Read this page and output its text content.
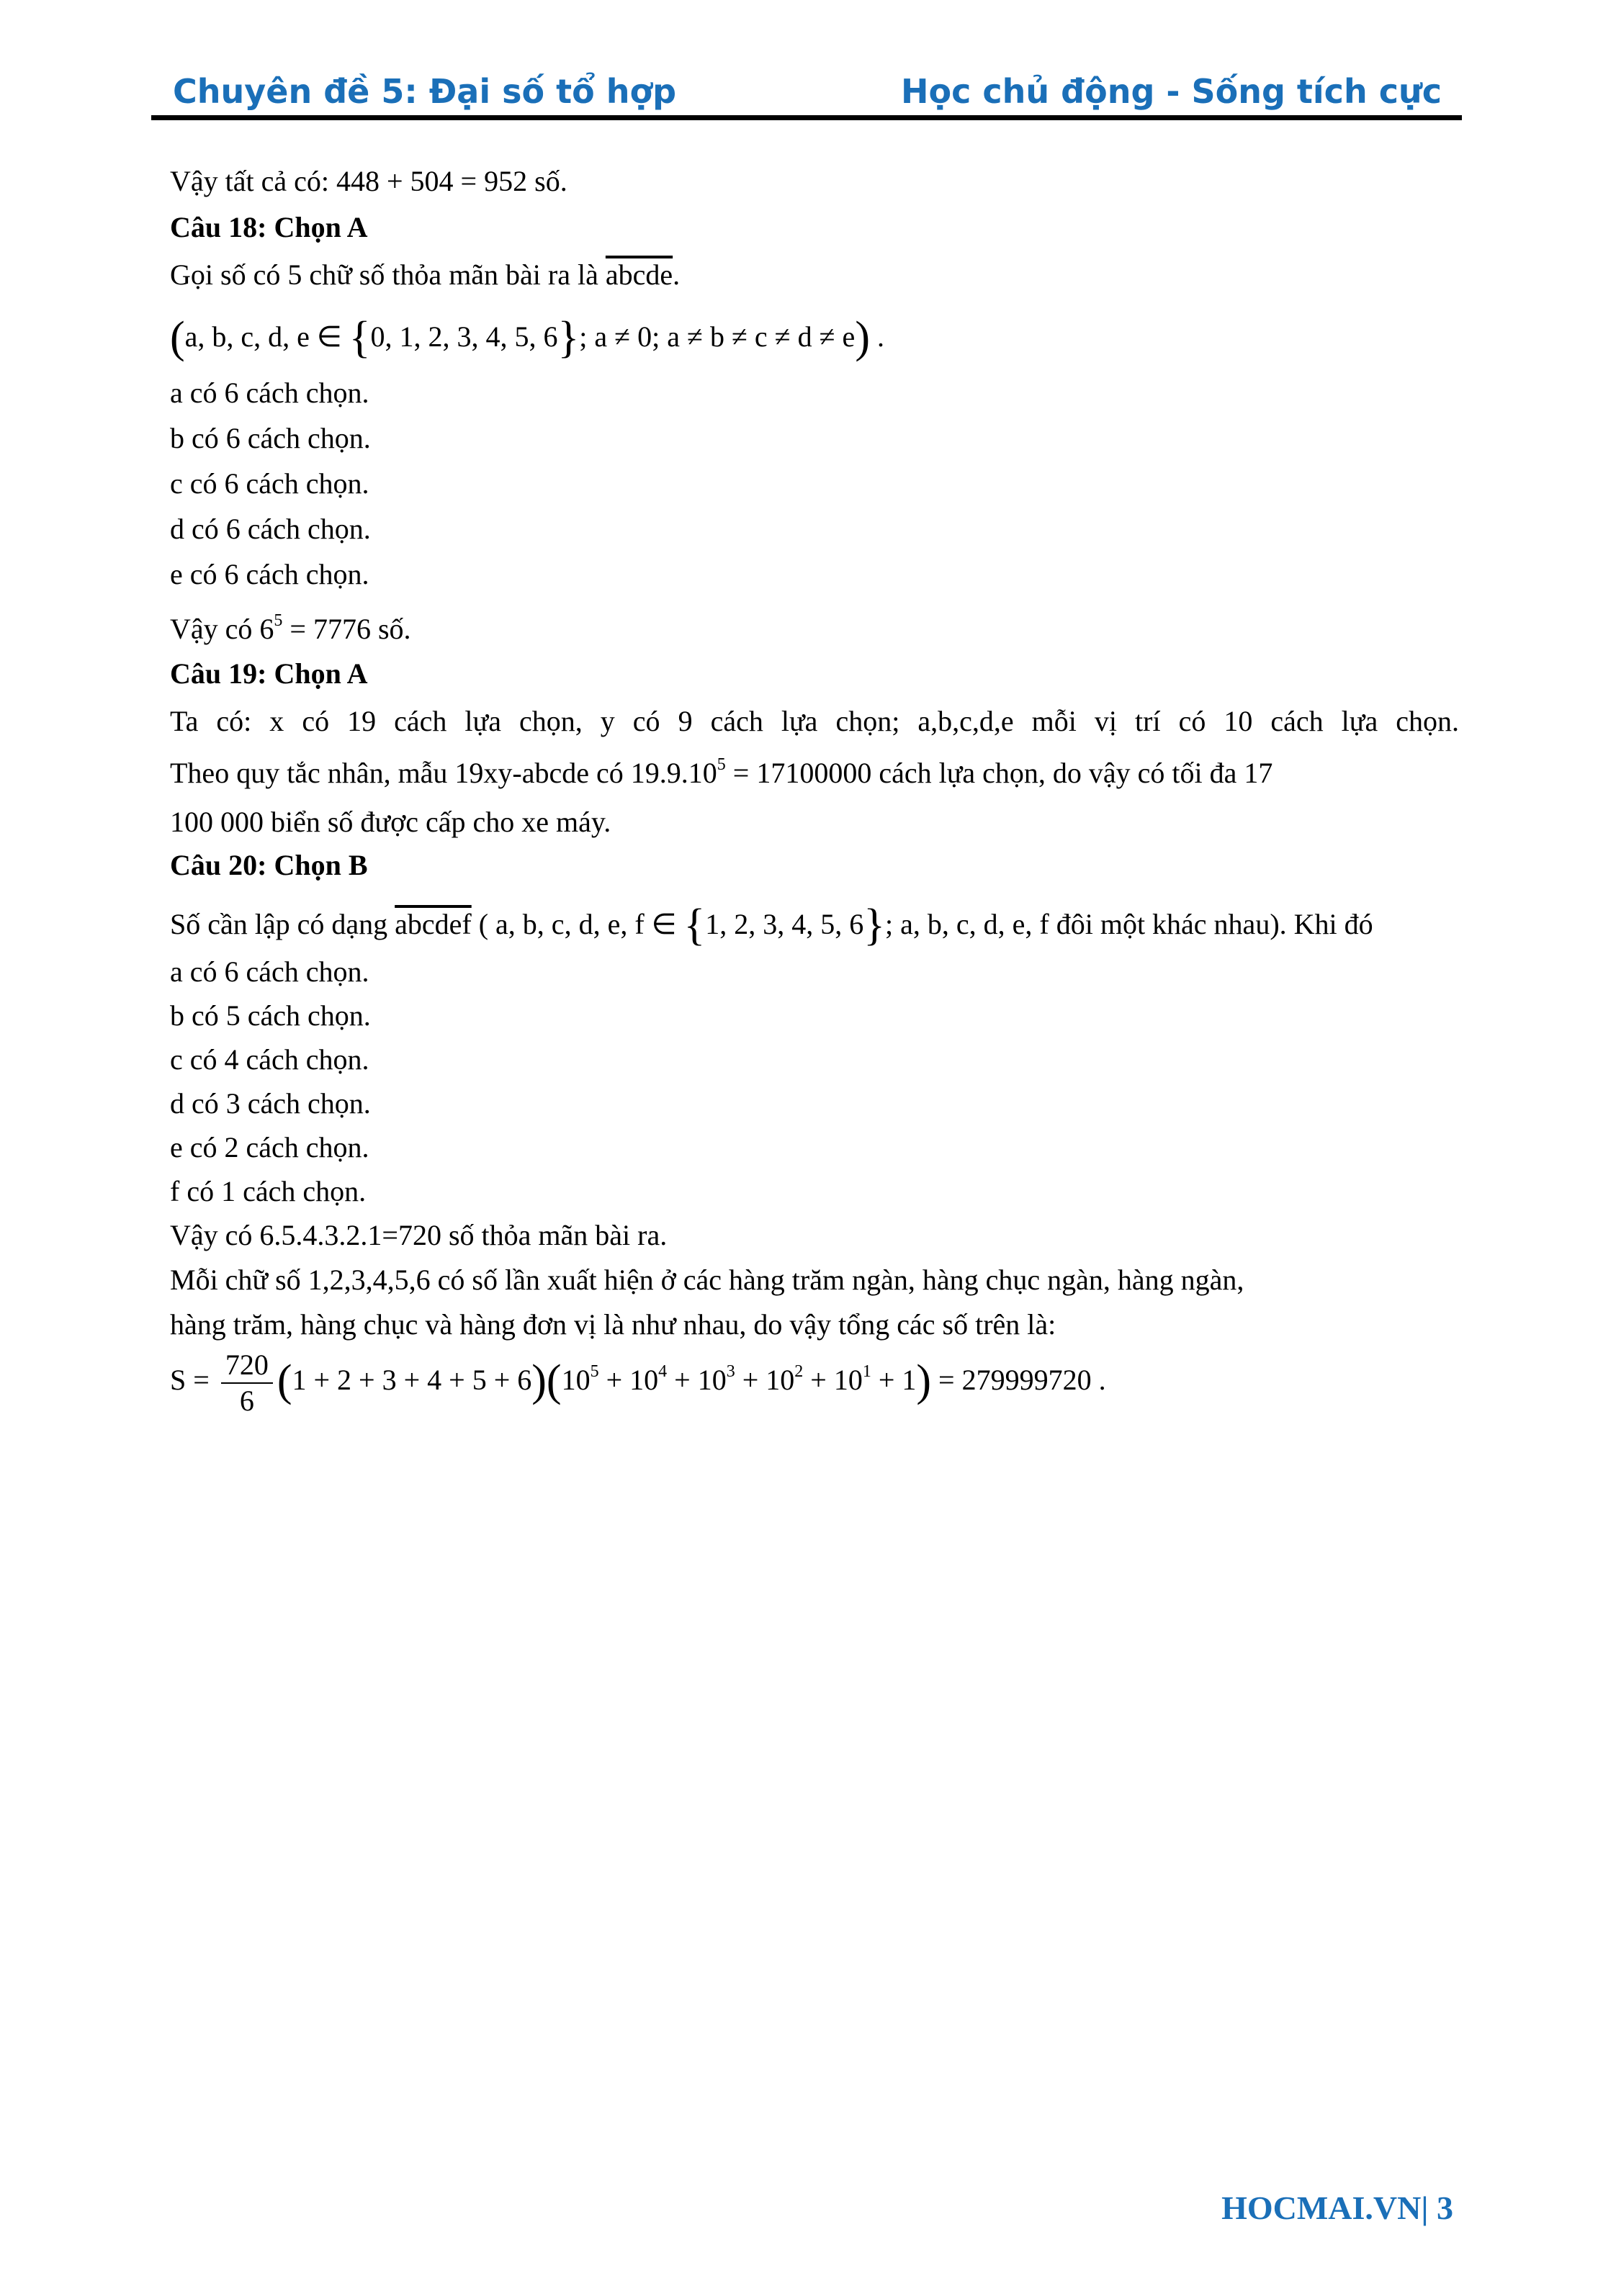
Chuyên đề 5: Đại số tổ hợp	Học chủ động - Sống tích cực
Vậy tất cả có: 448 + 504 = 952 số.
Câu 18: Chọn A
Gọi số có 5 chữ số thỏa mãn bài ra là abcde.
(a, b, c, d, e ∈ {0, 1, 2, 3, 4, 5, 6}; a ≠ 0; a ≠ b ≠ c ≠ d ≠ e) .
a có 6 cách chọn.
b có 6 cách chọn.
c có 6 cách chọn.
d có 6 cách chọn.
e có 6 cách chọn.
Vậy có $6^5 = 7776$ số.
Câu 19: Chọn A
Ta có: x có 19 cách lựa chọn, y có 9 cách lựa chọn; a,b,c,d,e mỗi vị trí có 10 cách lựa chọn.
Theo quy tắc nhân, mẫu 19xy-abcde có $19.9.10^5 = 17100000$ cách lựa chọn, do vậy có tối đa 17
100 000 biển số được cấp cho xe máy.
Câu 20: Chọn B
Số cần lập có dạng abcdef ( a, b, c, d, e, f ∈ {1, 2, 3, 4, 5, 6}; a, b, c, d, e, f đôi một khác nhau). Khi đó
a có 6 cách chọn.
b có 5 cách chọn.
c có 4 cách chọn.
d có 3 cách chọn.
e có 2 cách chọn.
f có 1 cách chọn.
Vậy có 6.5.4.3.2.1=720 số thỏa mãn bài ra.
Mỗi chữ số 1,2,3,4,5,6 có số lần xuất hiện ở các hàng trăm ngàn, hàng chục ngàn, hàng ngàn,
hàng trăm, hàng chục và hàng đơn vị là như nhau, do vậy tổng các số trên là:
$S = \frac{720}{6} (1 + 2 + 3 + 4 + 5 + 6)(10^5 + 10^4 + 10^3 + 10^2 + 10^1 + 1) = 279999720$ .
HOCMAI.VN| 3
